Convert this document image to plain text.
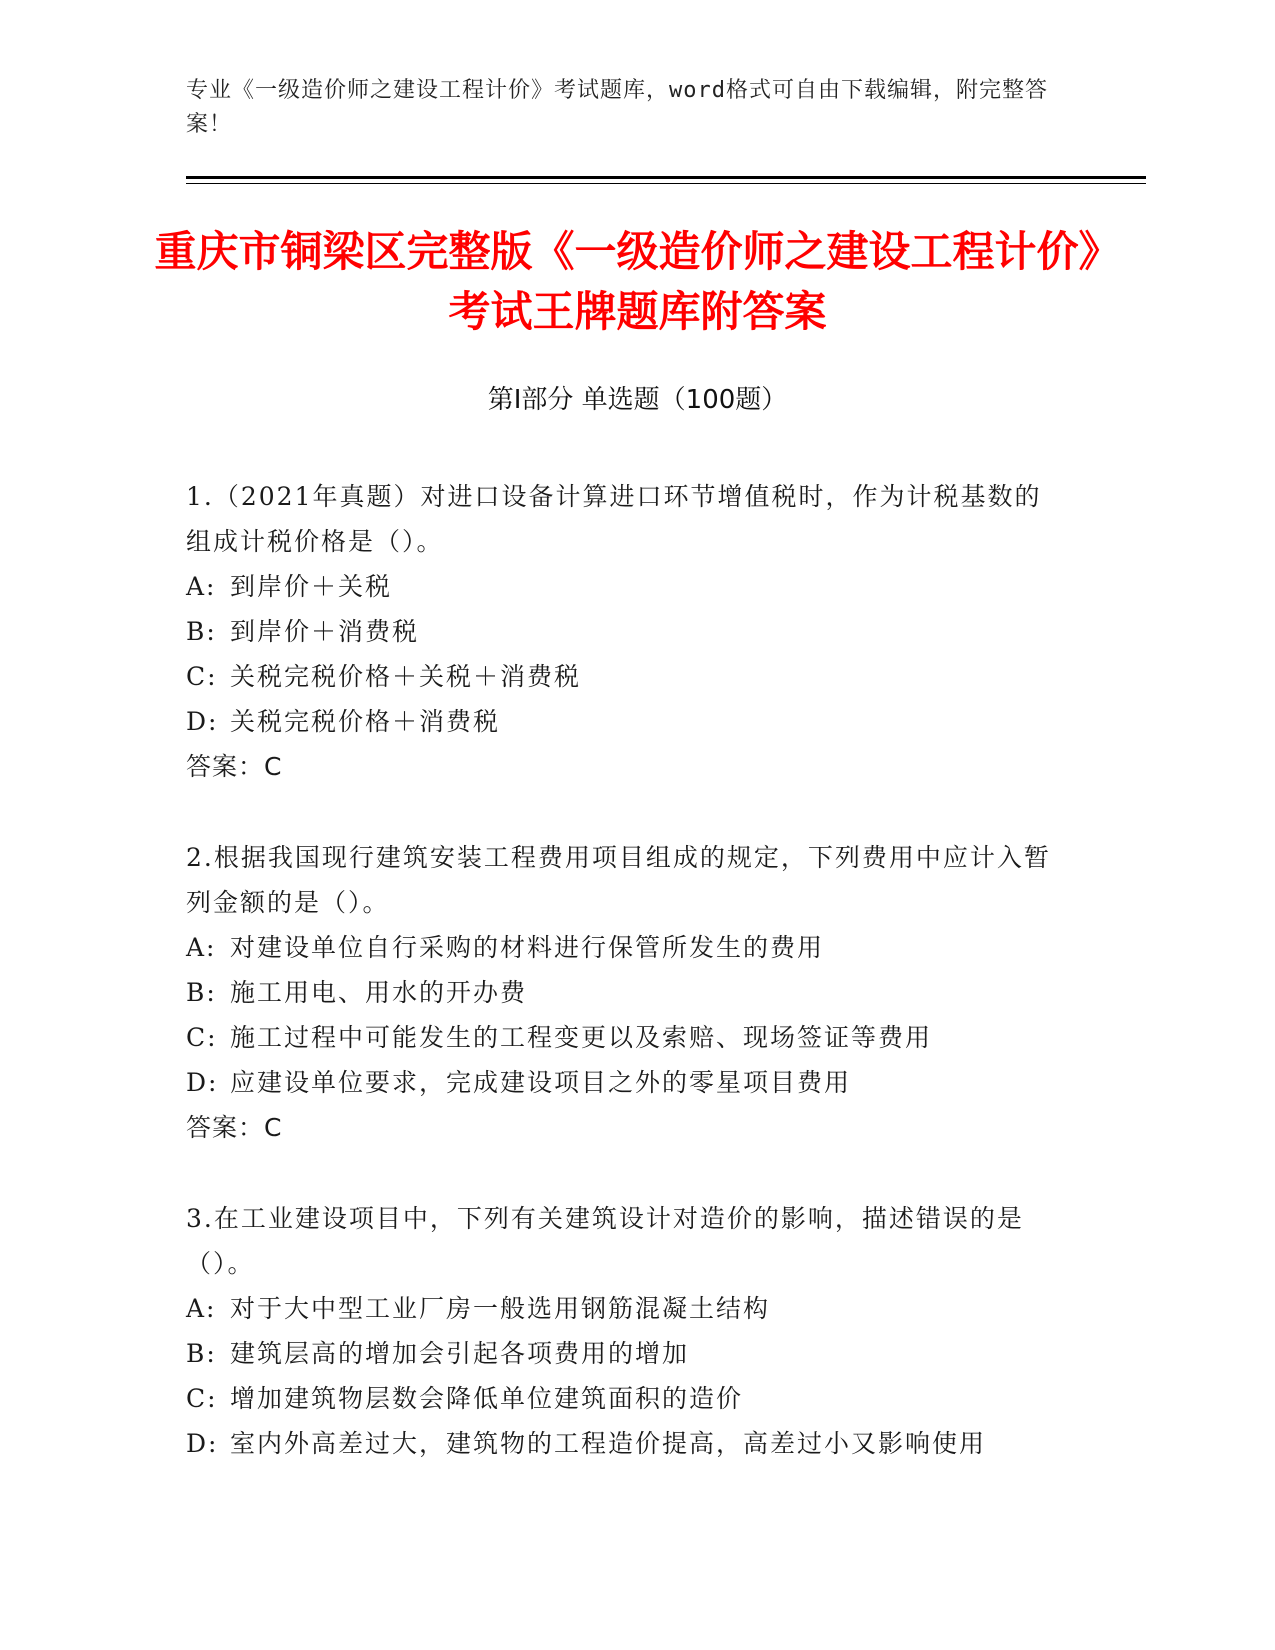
专业《一级造价师之建设工程计价》考试题库，word格式可自由下载编辑，附完整答案！
重庆市铜梁区完整版《一级造价师之建设工程计价》考试王牌题库附答案
第Ⅰ部分 单选题（100题）
1.（2021年真题）对进口设备计算进口环节增值税时，作为计税基数的组成计税价格是（）。
A: 到岸价＋关税
B: 到岸价＋消费税
C: 关税完税价格＋关税＋消费税
D: 关税完税价格＋消费税
答案：C
2.根据我国现行建筑安装工程费用项目组成的规定，下列费用中应计入暂列金额的是（）。
A: 对建设单位自行采购的材料进行保管所发生的费用
B: 施工用电、用水的开办费
C: 施工过程中可能发生的工程变更以及索赔、现场签证等费用
D: 应建设单位要求，完成建设项目之外的零星项目费用
答案：C
3.在工业建设项目中，下列有关建筑设计对造价的影响，描述错误的是（）。
A: 对于大中型工业厂房一般选用钢筋混凝土结构
B: 建筑层高的增加会引起各项费用的增加
C: 增加建筑物层数会降低单位建筑面积的造价
D: 室内外高差过大，建筑物的工程造价提高，高差过小又影响使用
